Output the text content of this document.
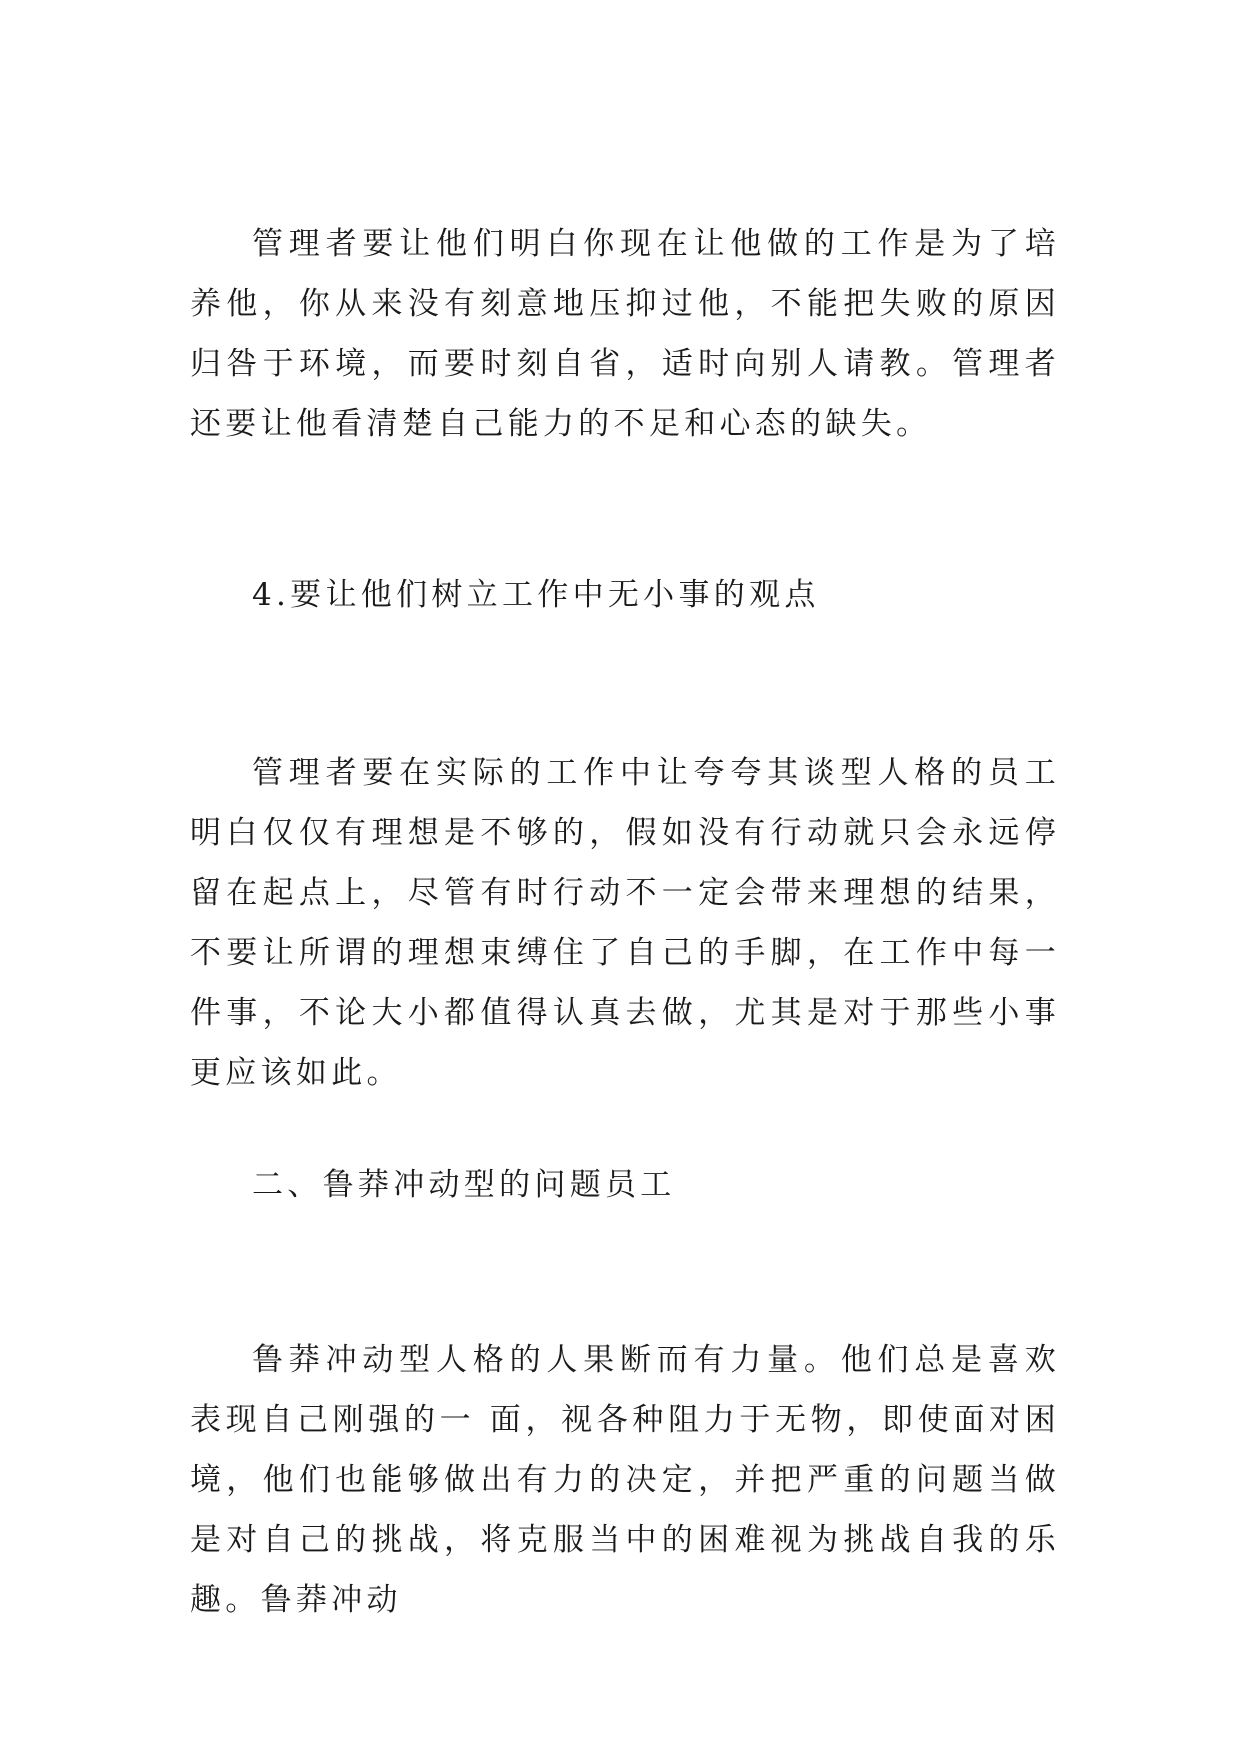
管理者要让他们明白你现在让他做的工作是为了培养他，你从来没有刻意地压抑过他，不能把失败的原因归咎于环境，而要时刻自省，适时向别人请教。管理者还要让他看清楚自己能力的不足和心态的缺失。

4.要让他们树立工作中无小事的观点

管理者要在实际的工作中让夸夸其谈型人格的员工明白仅仅有理想是不够的，假如没有行动就只会永远停留在起点上，尽管有时行动不一定会带来理想的结果，不要让所谓的理想束缚住了自己的手脚，在工作中每一件事，不论大小都值得认真去做，尤其是对于那些小事更应该如此。

二、鲁莽冲动型的问题员工

鲁莽冲动型人格的人果断而有力量。他们总是喜欢表现自己刚强的一 面，视各种阻力于无物，即使面对困境，他们也能够做出有力的决定，并把严重的问题当做是对自己的挑战，将克服当中的困难视为挑战自我的乐趣。鲁莽冲动
